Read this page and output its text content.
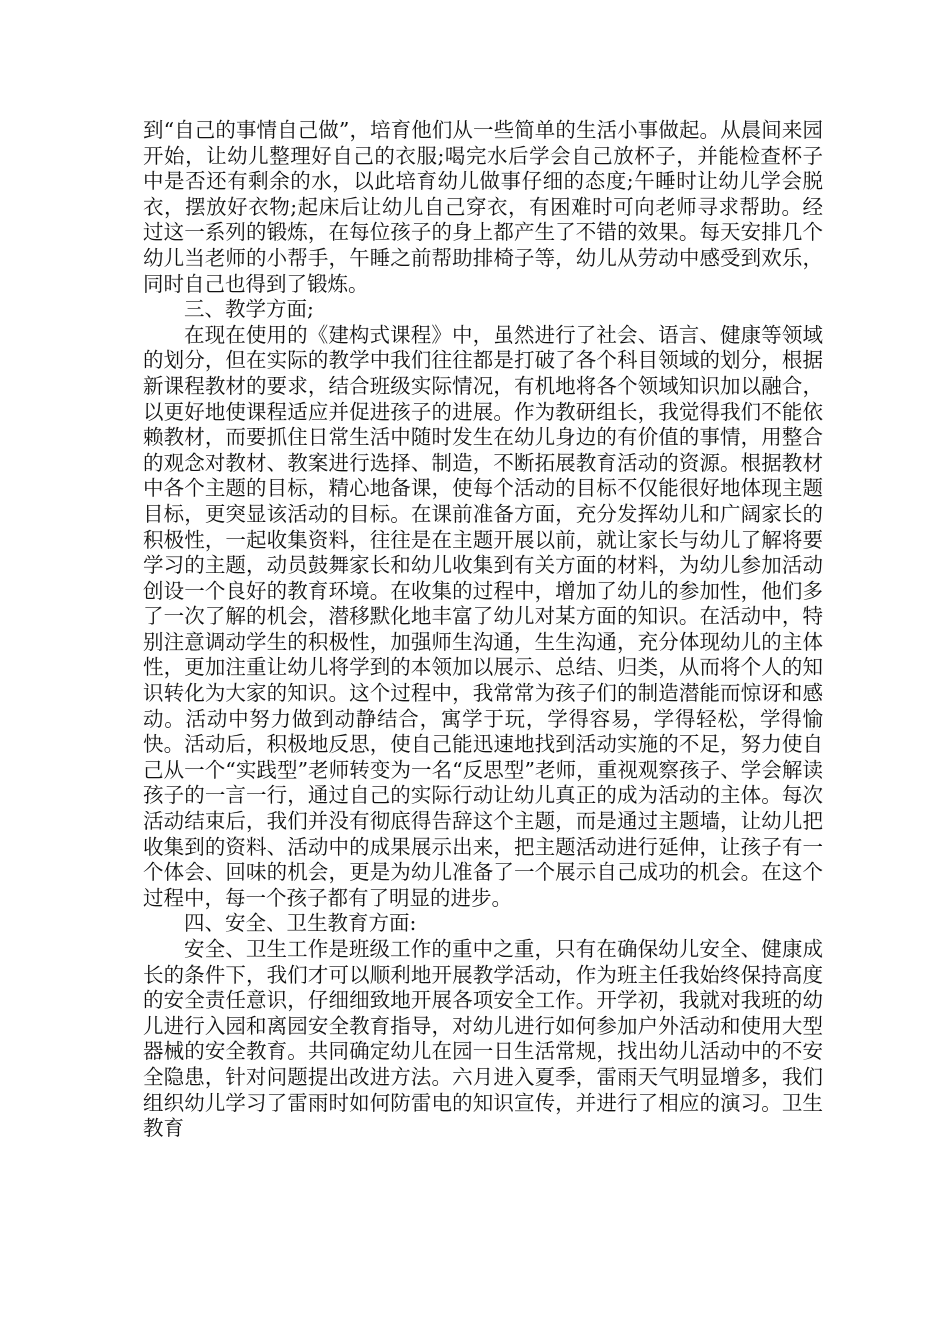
到“自己的事情自己做”，培育他们从一些简单的生活小事做起。从晨间来园开始，让幼儿整理好自己的衣服;喝完水后学会自己放杯子，并能检查杯子中是否还有剩余的水，以此培育幼儿做事仔细的态度;午睡时让幼儿学会脱衣，摆放好衣物;起床后让幼儿自己穿衣，有困难时可向老师寻求帮助。经过这一系列的锻炼，在每位孩子的身上都产生了不错的效果。每天安排几个幼儿当老师的小帮手，午睡之前帮助排椅子等，幼儿从劳动中感受到欢乐，同时自己也得到了锻炼。

三、教学方面;

在现在使用的《建构式课程》中，虽然进行了社会、语言、健康等领域的划分，但在实际的教学中我们往往都是打破了各个科目领域的划分，根据新课程教材的要求，结合班级实际情况，有机地将各个领域知识加以融合，以更好地使课程适应并促进孩子的进展。作为教研组长，我觉得我们不能依赖教材，而要抓住日常生活中随时发生在幼儿身边的有价值的事情，用整合的观念对教材、教案进行选择、制造，不断拓展教育活动的资源。根据教材中各个主题的目标，精心地备课，使每个活动的目标不仅能很好地体现主题目标，更突显该活动的目标。在课前准备方面，充分发挥幼儿和广阔家长的积极性，一起收集资料，往往是在主题开展以前，就让家长与幼儿了解将要学习的主题，动员鼓舞家长和幼儿收集到有关方面的材料，为幼儿参加活动创设一个良好的教育环境。在收集的过程中，增加了幼儿的参加性，他们多了一次了解的机会，潜移默化地丰富了幼儿对某方面的知识。在活动中，特别注意调动学生的积极性，加强师生沟通，生生沟通，充分体现幼儿的主体性，更加注重让幼儿将学到的本领加以展示、总结、归类，从而将个人的知识转化为大家的知识。这个过程中，我常常为孩子们的制造潜能而惊讶和感动。活动中努力做到动静结合，寓学于玩，学得容易，学得轻松，学得愉快。活动后，积极地反思，使自己能迅速地找到活动实施的不足，努力使自己从一个“实践型”老师转变为一名“反思型”老师，重视观察孩子、学会解读孩子的一言一行，通过自己的实际行动让幼儿真正的成为活动的主体。每次活动结束后，我们并没有彻底得告辞这个主题，而是通过主题墙，让幼儿把收集到的资料、活动中的成果展示出来，把主题活动进行延伸，让孩子有一个体会、回味的机会，更是为幼儿准备了一个展示自己成功的机会。在这个过程中，每一个孩子都有了明显的进步。

四、安全、卫生教育方面:

安全、卫生工作是班级工作的重中之重，只有在确保幼儿安全、健康成长的条件下，我们才可以顺利地开展教学活动，作为班主任我始终保持高度的安全责任意识，仔细细致地开展各项安全工作。开学初，我就对我班的幼儿进行入园和离园安全教育指导，对幼儿进行如何参加户外活动和使用大型器械的安全教育。共同确定幼儿在园一日生活常规，找出幼儿活动中的不安全隐患，针对问题提出改进方法。六月进入夏季，雷雨天气明显增多，我们组织幼儿学习了雷雨时如何防雷电的知识宣传，并进行了相应的演习。卫生教育
